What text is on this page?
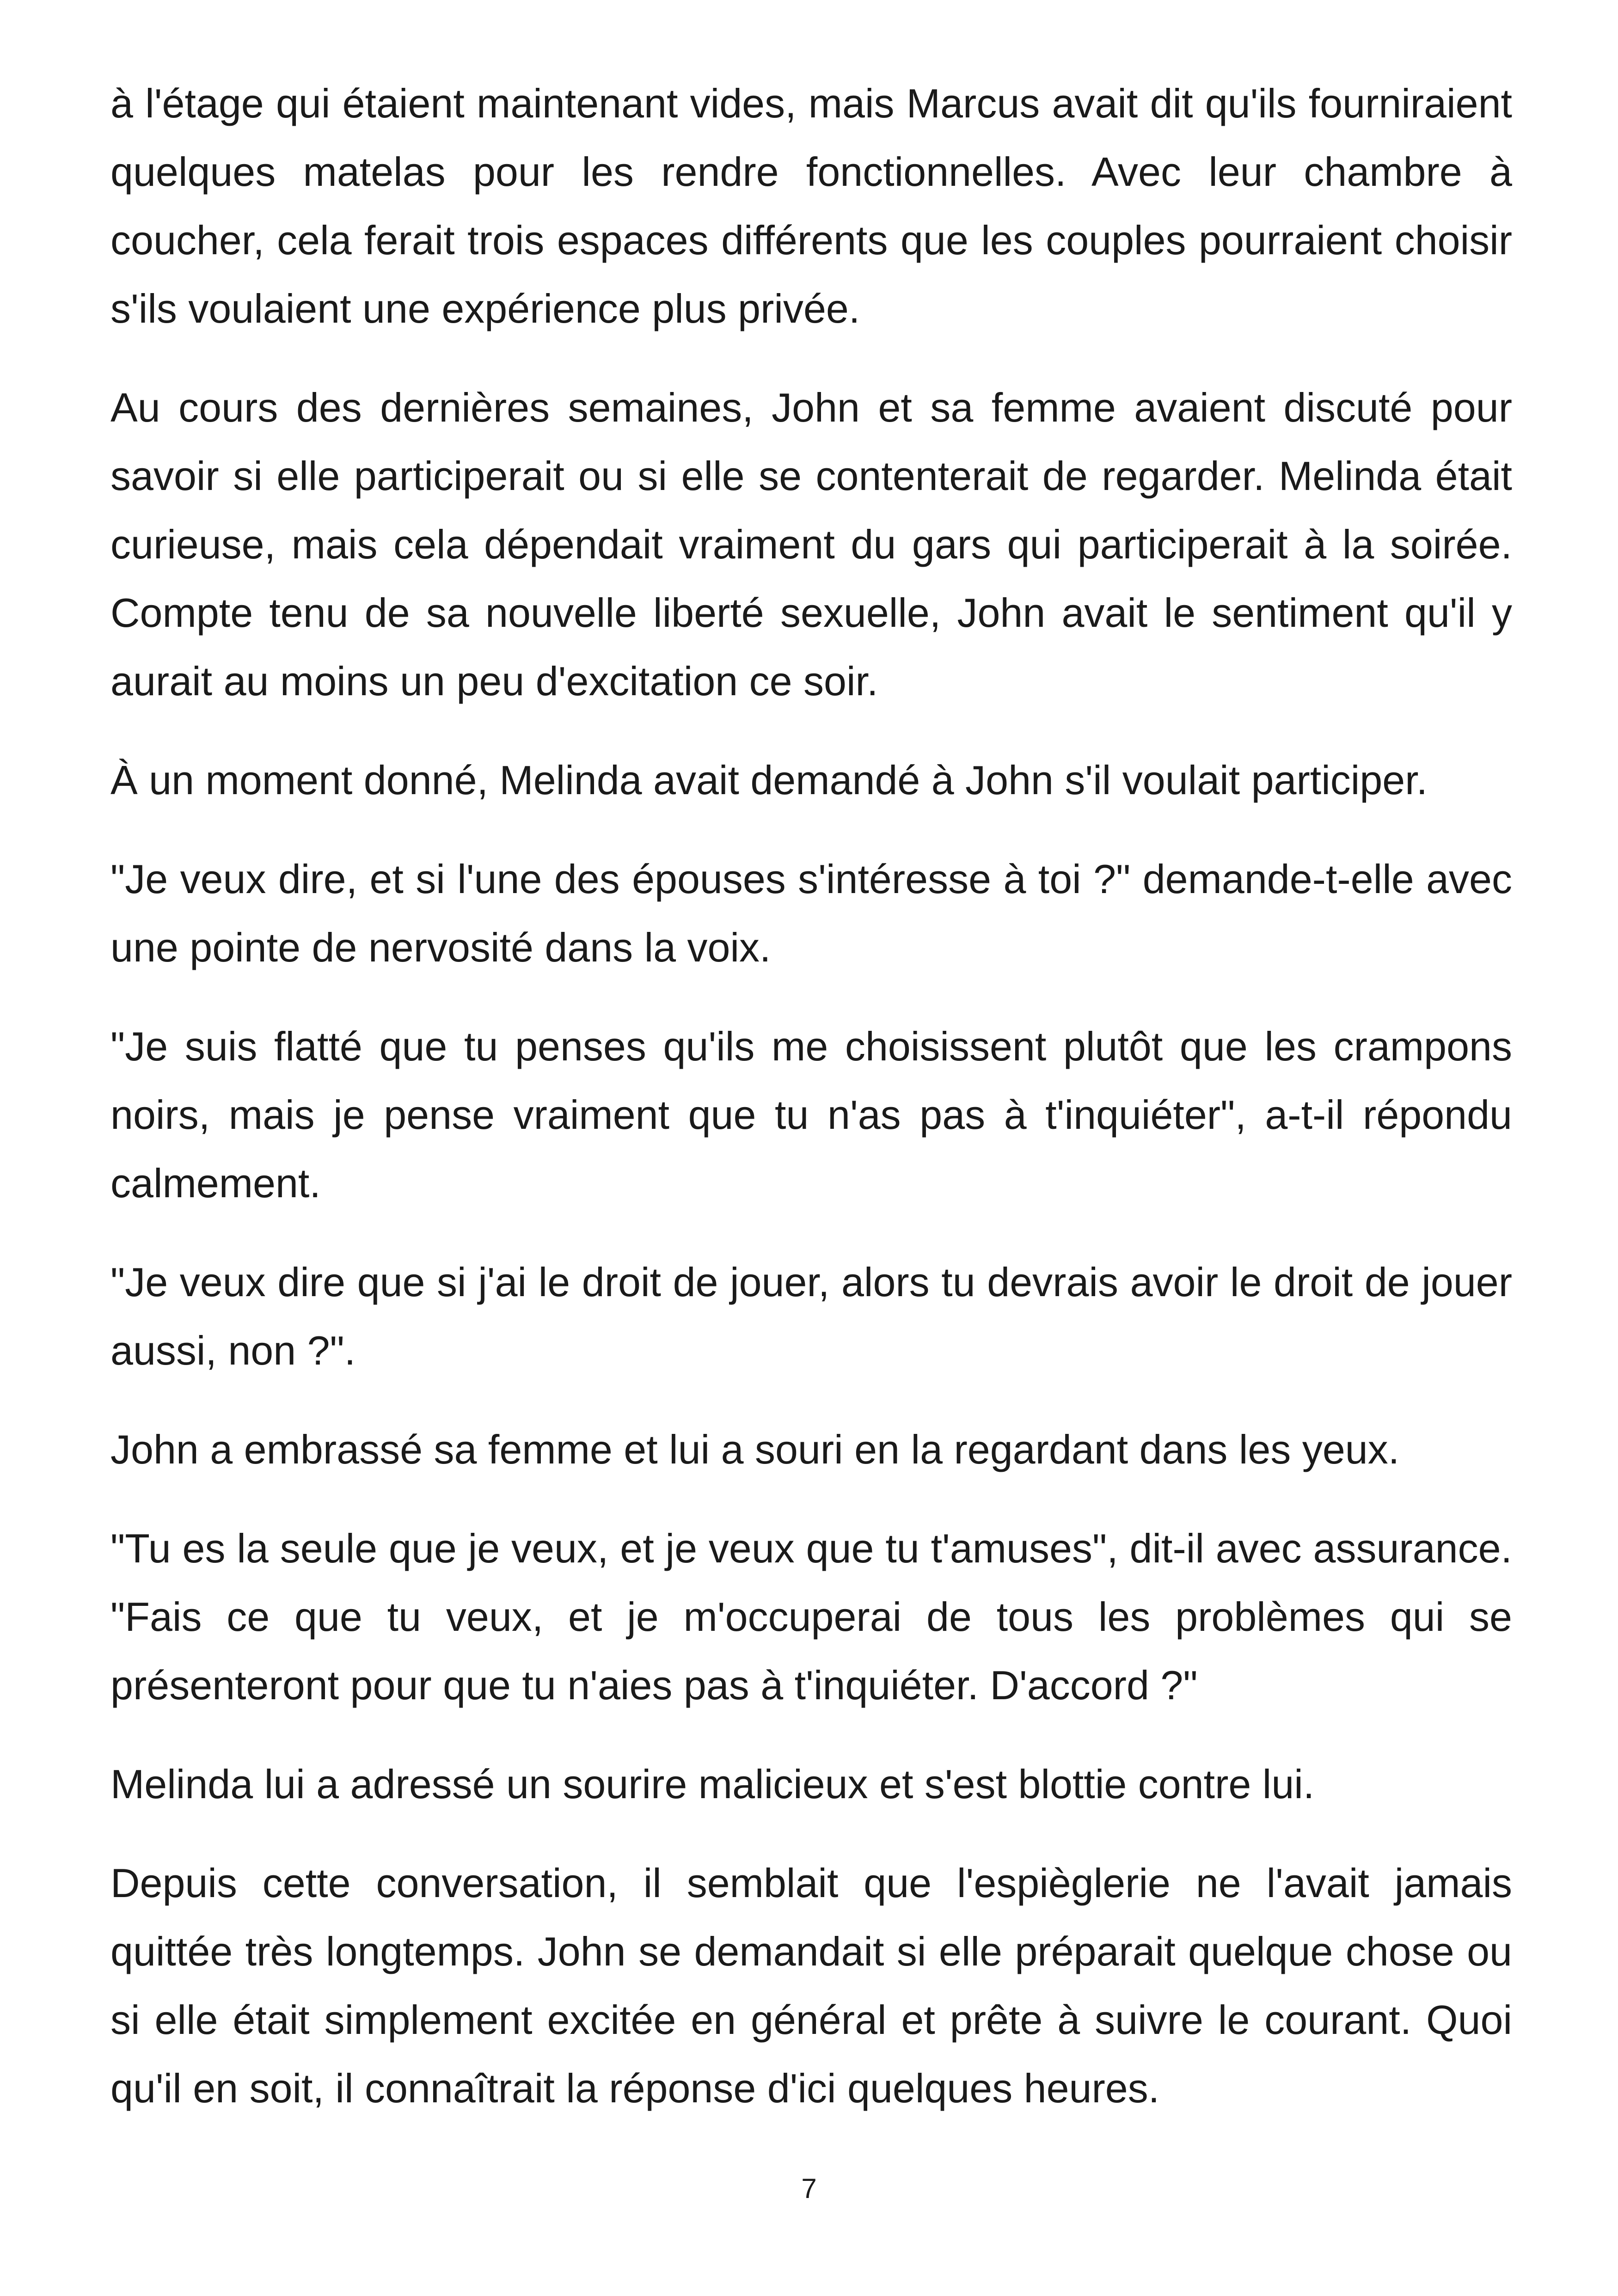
à l'étage qui étaient maintenant vides, mais Marcus avait dit qu'ils fourniraient quelques matelas pour les rendre fonctionnelles. Avec leur chambre à coucher, cela ferait trois espaces différents que les couples pourraient choisir s'ils voulaient une expérience plus privée.

Au cours des dernières semaines, John et sa femme avaient discuté pour savoir si elle participerait ou si elle se contenterait de regarder. Melinda était curieuse, mais cela dépendait vraiment du gars qui participerait à la soirée. Compte tenu de sa nouvelle liberté sexuelle, John avait le sentiment qu'il y aurait au moins un peu d'excitation ce soir.

À un moment donné, Melinda avait demandé à John s'il voulait participer.

"Je veux dire, et si l'une des épouses s'intéresse à toi ?" demande-t-elle avec une pointe de nervosité dans la voix.

"Je suis flatté que tu penses qu'ils me choisissent plutôt que les crampons noirs, mais je pense vraiment que tu n'as pas à t'inquiéter", a-t-il répondu calmement.

"Je veux dire que si j'ai le droit de jouer, alors tu devrais avoir le droit de jouer aussi, non ?".

John a embrassé sa femme et lui a souri en la regardant dans les yeux.

"Tu es la seule que je veux, et je veux que tu t'amuses", dit-il avec assurance. "Fais ce que tu veux, et je m'occuperai de tous les problèmes qui se présenteront pour que tu n'aies pas à t'inquiéter. D'accord ?"

Melinda lui a adressé un sourire malicieux et s'est blottie contre lui.

Depuis cette conversation, il semblait que l'espièglerie ne l'avait jamais quittée très longtemps. John se demandait si elle préparait quelque chose ou si elle était simplement excitée en général et prête à suivre le courant. Quoi qu'il en soit, il connaîtrait la réponse d'ici quelques heures.

7
